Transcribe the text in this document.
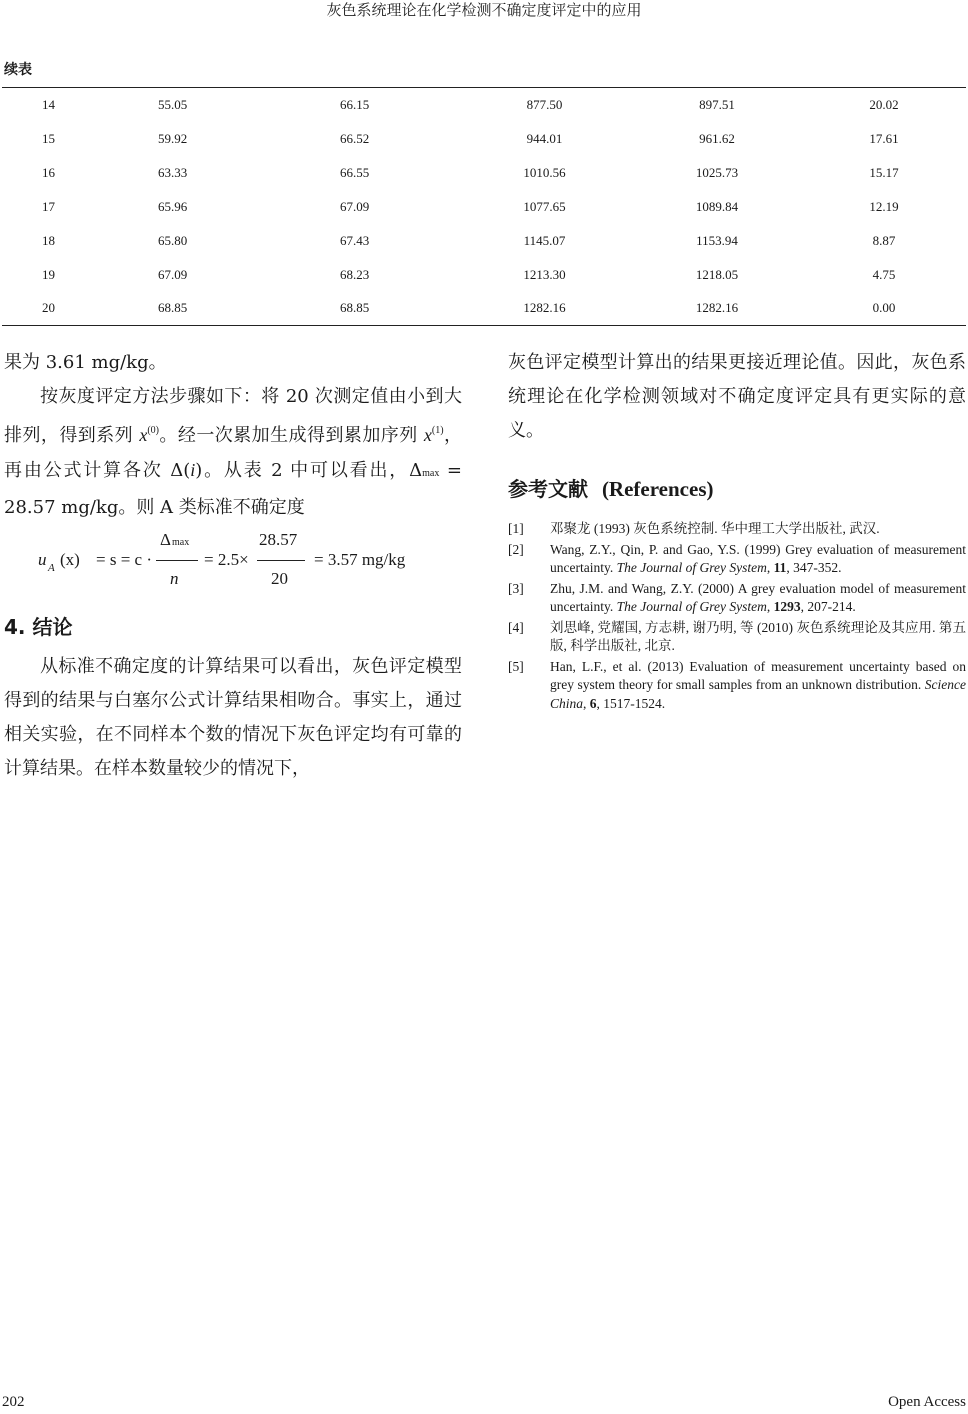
灰色系统理论在化学检测不确定度评定中的应用
续表
14	55.05	66.15	877.50	897.51	20.02
15	59.92	66.52	944.01	961.62	17.61
16	63.33	66.55	1010.56	1025.73	15.17
17	65.96	67.09	1077.65	1089.84	12.19
18	65.80	67.43	1145.07	1153.94	8.87
19	67.09	68.23	1213.30	1218.05	4.75
20	68.85	68.85	1282.16	1282.16	0.00
果为 3.61 mg/kg。
按灰度评定方法步骤如下：将 20 次测定值由小到大排列，得到系列 $x^{(0)}$。经一次累加生成得到累加序列 $x^{(1)}$，再由公式计算各次 Δ(i)。从表 2 中可以看出，Δmax = 28.57 mg/kg。则 A 类标准不确定度
u A (x) = s = c ·
Δ max
n
= 2.5×
28.57
20
= 3.57 mg/kg
4. 结论
从标准不确定度的计算结果可以看出，灰色评定模型得到的结果与白塞尔公式计算结果相吻合。事实上，通过相关实验，在不同样本个数的情况下灰色评定均有可靠的计算结果。在样本数量较少的情况下，
灰色评定模型计算出的结果更接近理论值。因此，灰色系统理论在化学检测领域对不确定度评定具有更实际的意义。
参考文献 (References)
[1]	邓聚龙 (1993) 灰色系统控制. 华中理工大学出版社, 武汉.
[2]	Wang, Z.Y., Qin, P. and Gao, Y.S. (1999) Grey evaluation of measurement uncertainty. The Journal of Grey System, 11, 347-352.
[3]	Zhu, J.M. and Wang, Z.Y. (2000) A grey evaluation model of measurement uncertainty. The Journal of Grey System, 1293, 207-214.
[4]	刘思峰, 党耀国, 方志耕, 谢乃明, 等 (2010) 灰色系统理论及其应用. 第五版, 科学出版社, 北京.
[5]	Han, L.F., et al. (2013) Evaluation of measurement uncertainty based on grey system theory for small samples from an unknown distribution. Science China, 6, 1517-1524.
202	Open Access
